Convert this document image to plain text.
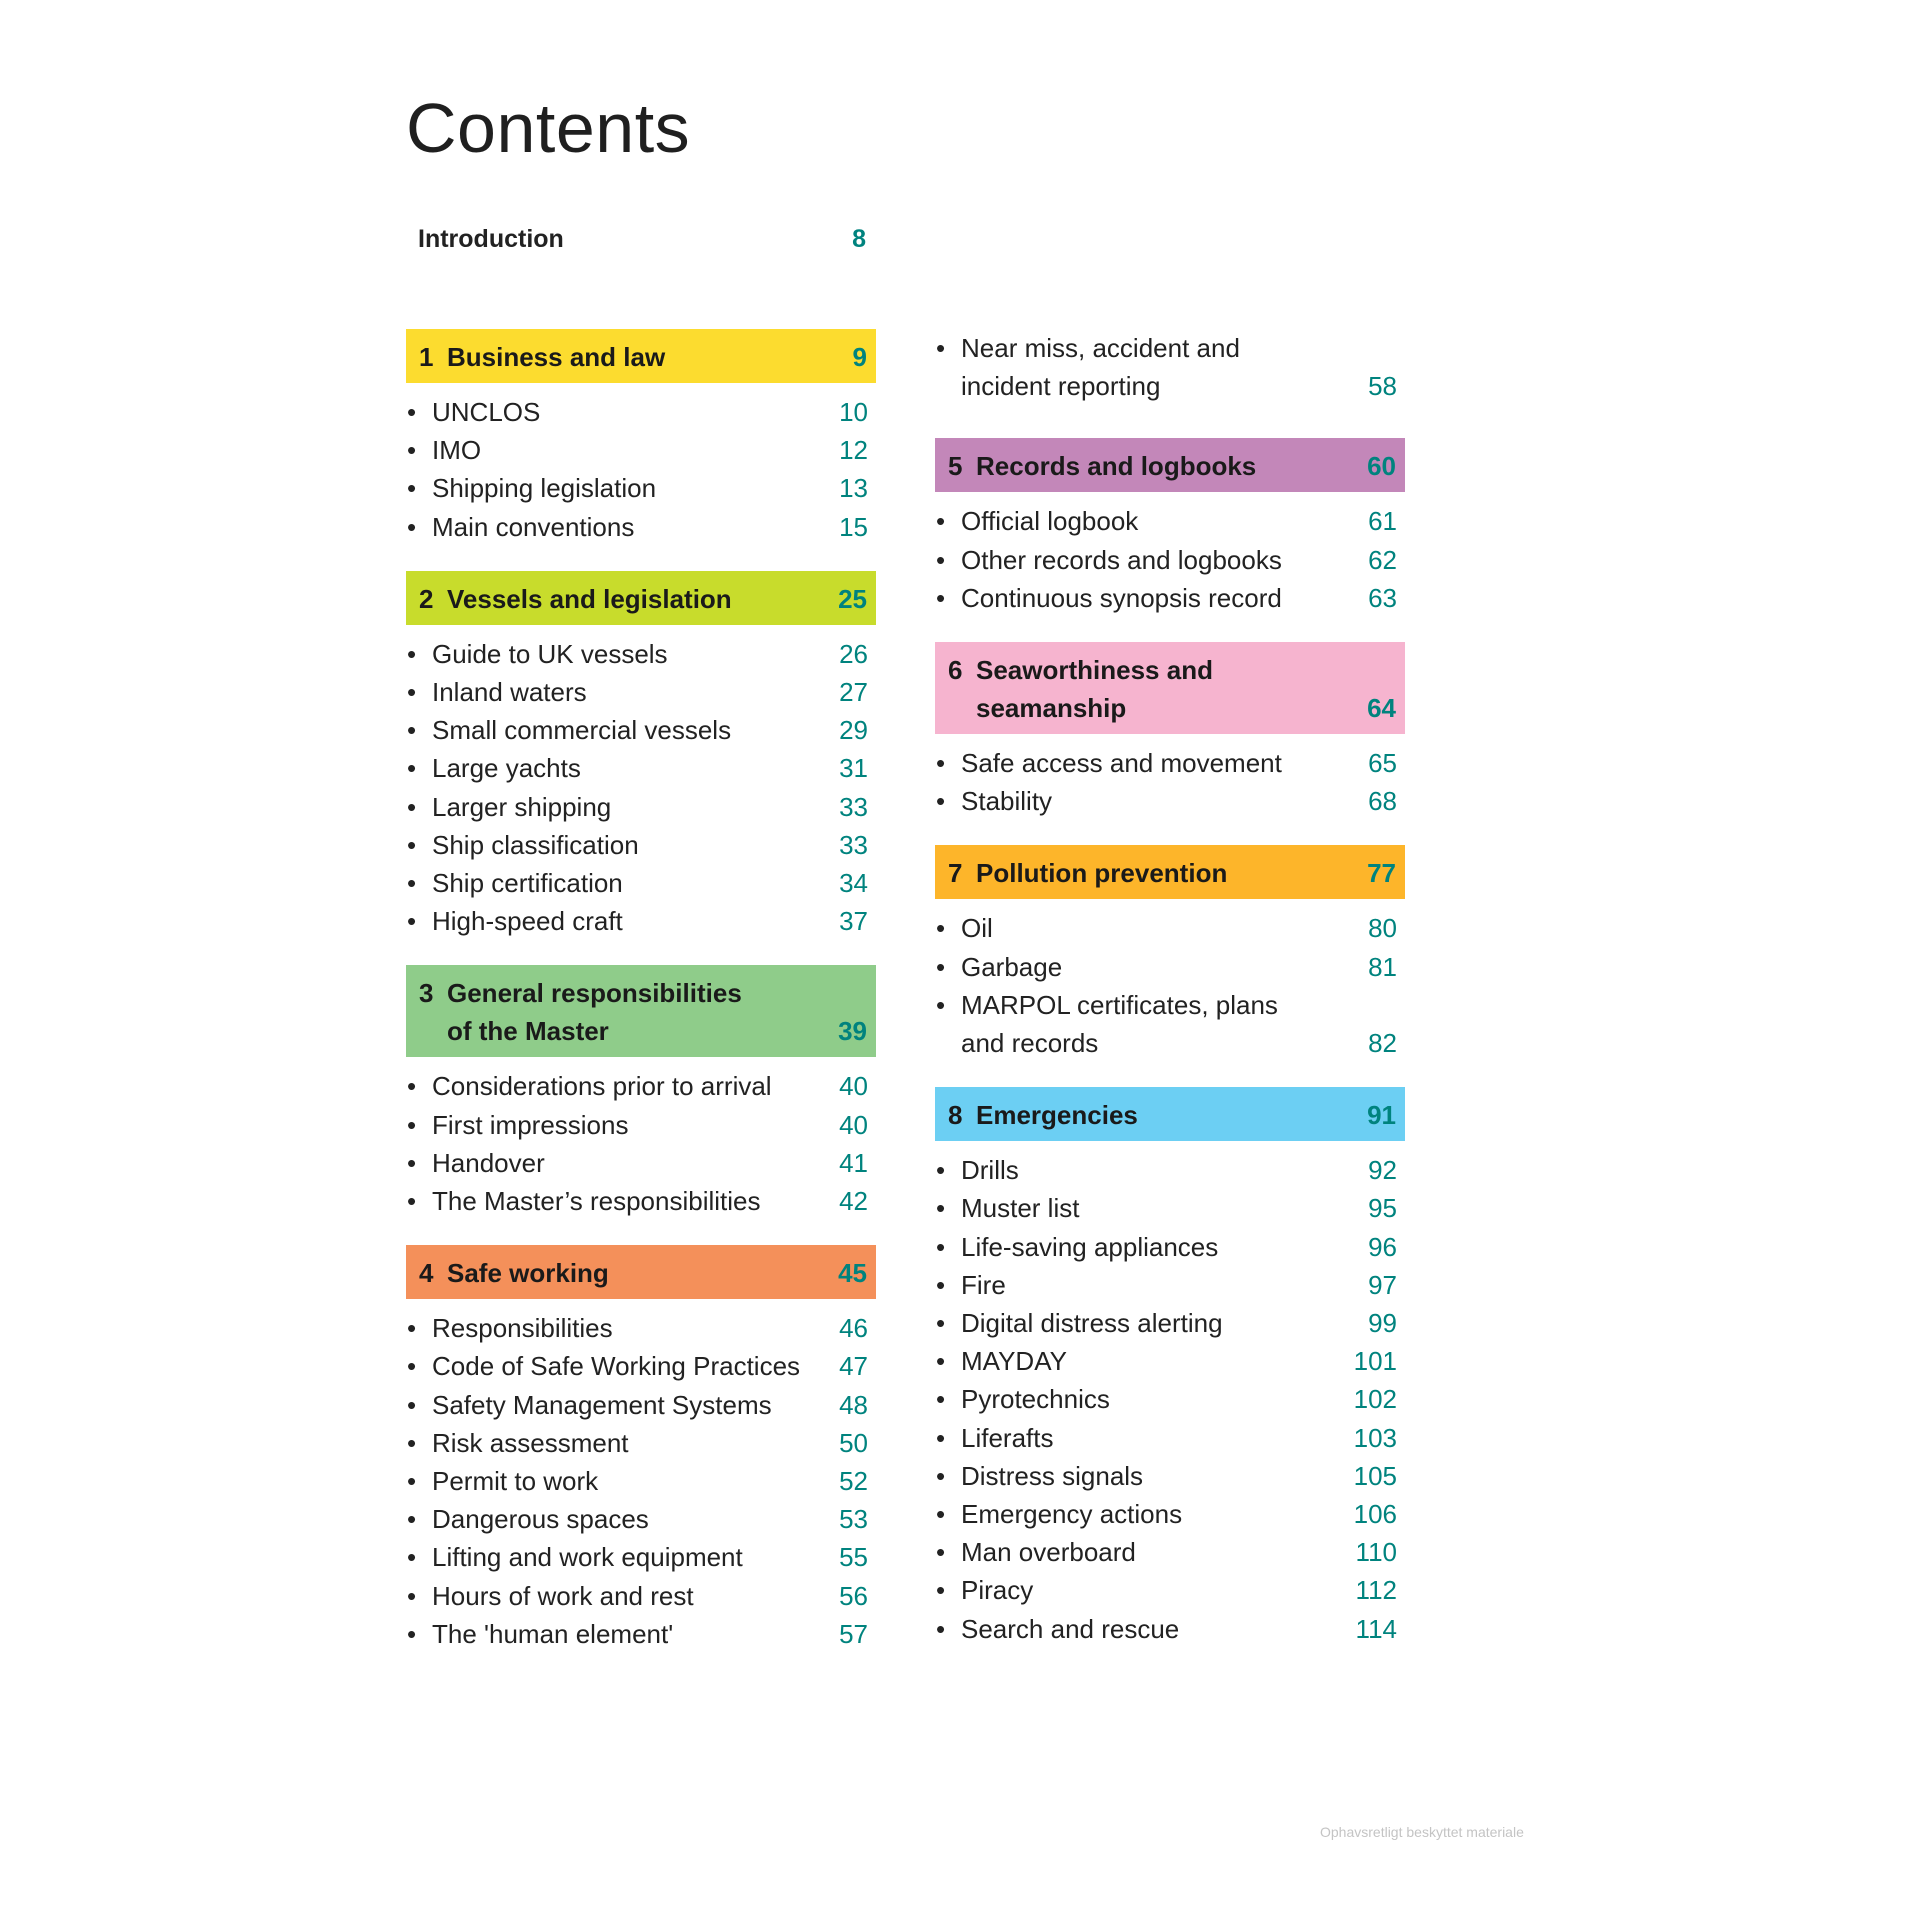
Contents
Introduction	8
1 Business and law	9
• UNCLOS	10
• IMO	12
• Shipping legislation	13
• Main conventions	15
2 Vessels and legislation	25
• Guide to UK vessels	26
• Inland waters	27
• Small commercial vessels	29
• Large yachts	31
• Larger shipping	33
• Ship classification	33
• Ship certification	34
• High-speed craft	37
3 General responsibilities
of the Master	39
• Considerations prior to arrival	40
• First impressions	40
• Handover	41
• The Master’s responsibilities	42
4 Safe working	45
• Responsibilities	46
• Code of Safe Working Practices 47
• Safety Management Systems	48
• Risk assessment	50
• Permit to work	52
• Dangerous spaces	53
• Lifting and work equipment	55
• Hours of work and rest	56
• The 'human element'	57
• Near miss, accident and
incident reporting	58
5 Records and logbooks	60
• Official logbook	61
• Other records and logbooks	62
• Continuous synopsis record	63
6 Seaworthiness and
seamanship	64
• Safe access and movement	65
• Stability	68
7 Pollution prevention	77
• Oil	80
• Garbage	81
• MARPOL certificates, plans
and records	82
8 Emergencies	91
• Drills	92
• Muster list	95
• Life-saving appliances	96
• Fire	97
• Digital distress alerting	99
• MAYDAY	101
• Pyrotechnics	102
• Liferafts	103
• Distress signals	105
• Emergency actions	106
• Man overboard	110
• Piracy	112
• Search and rescue	114
Ophavsretligt beskyttet materiale
